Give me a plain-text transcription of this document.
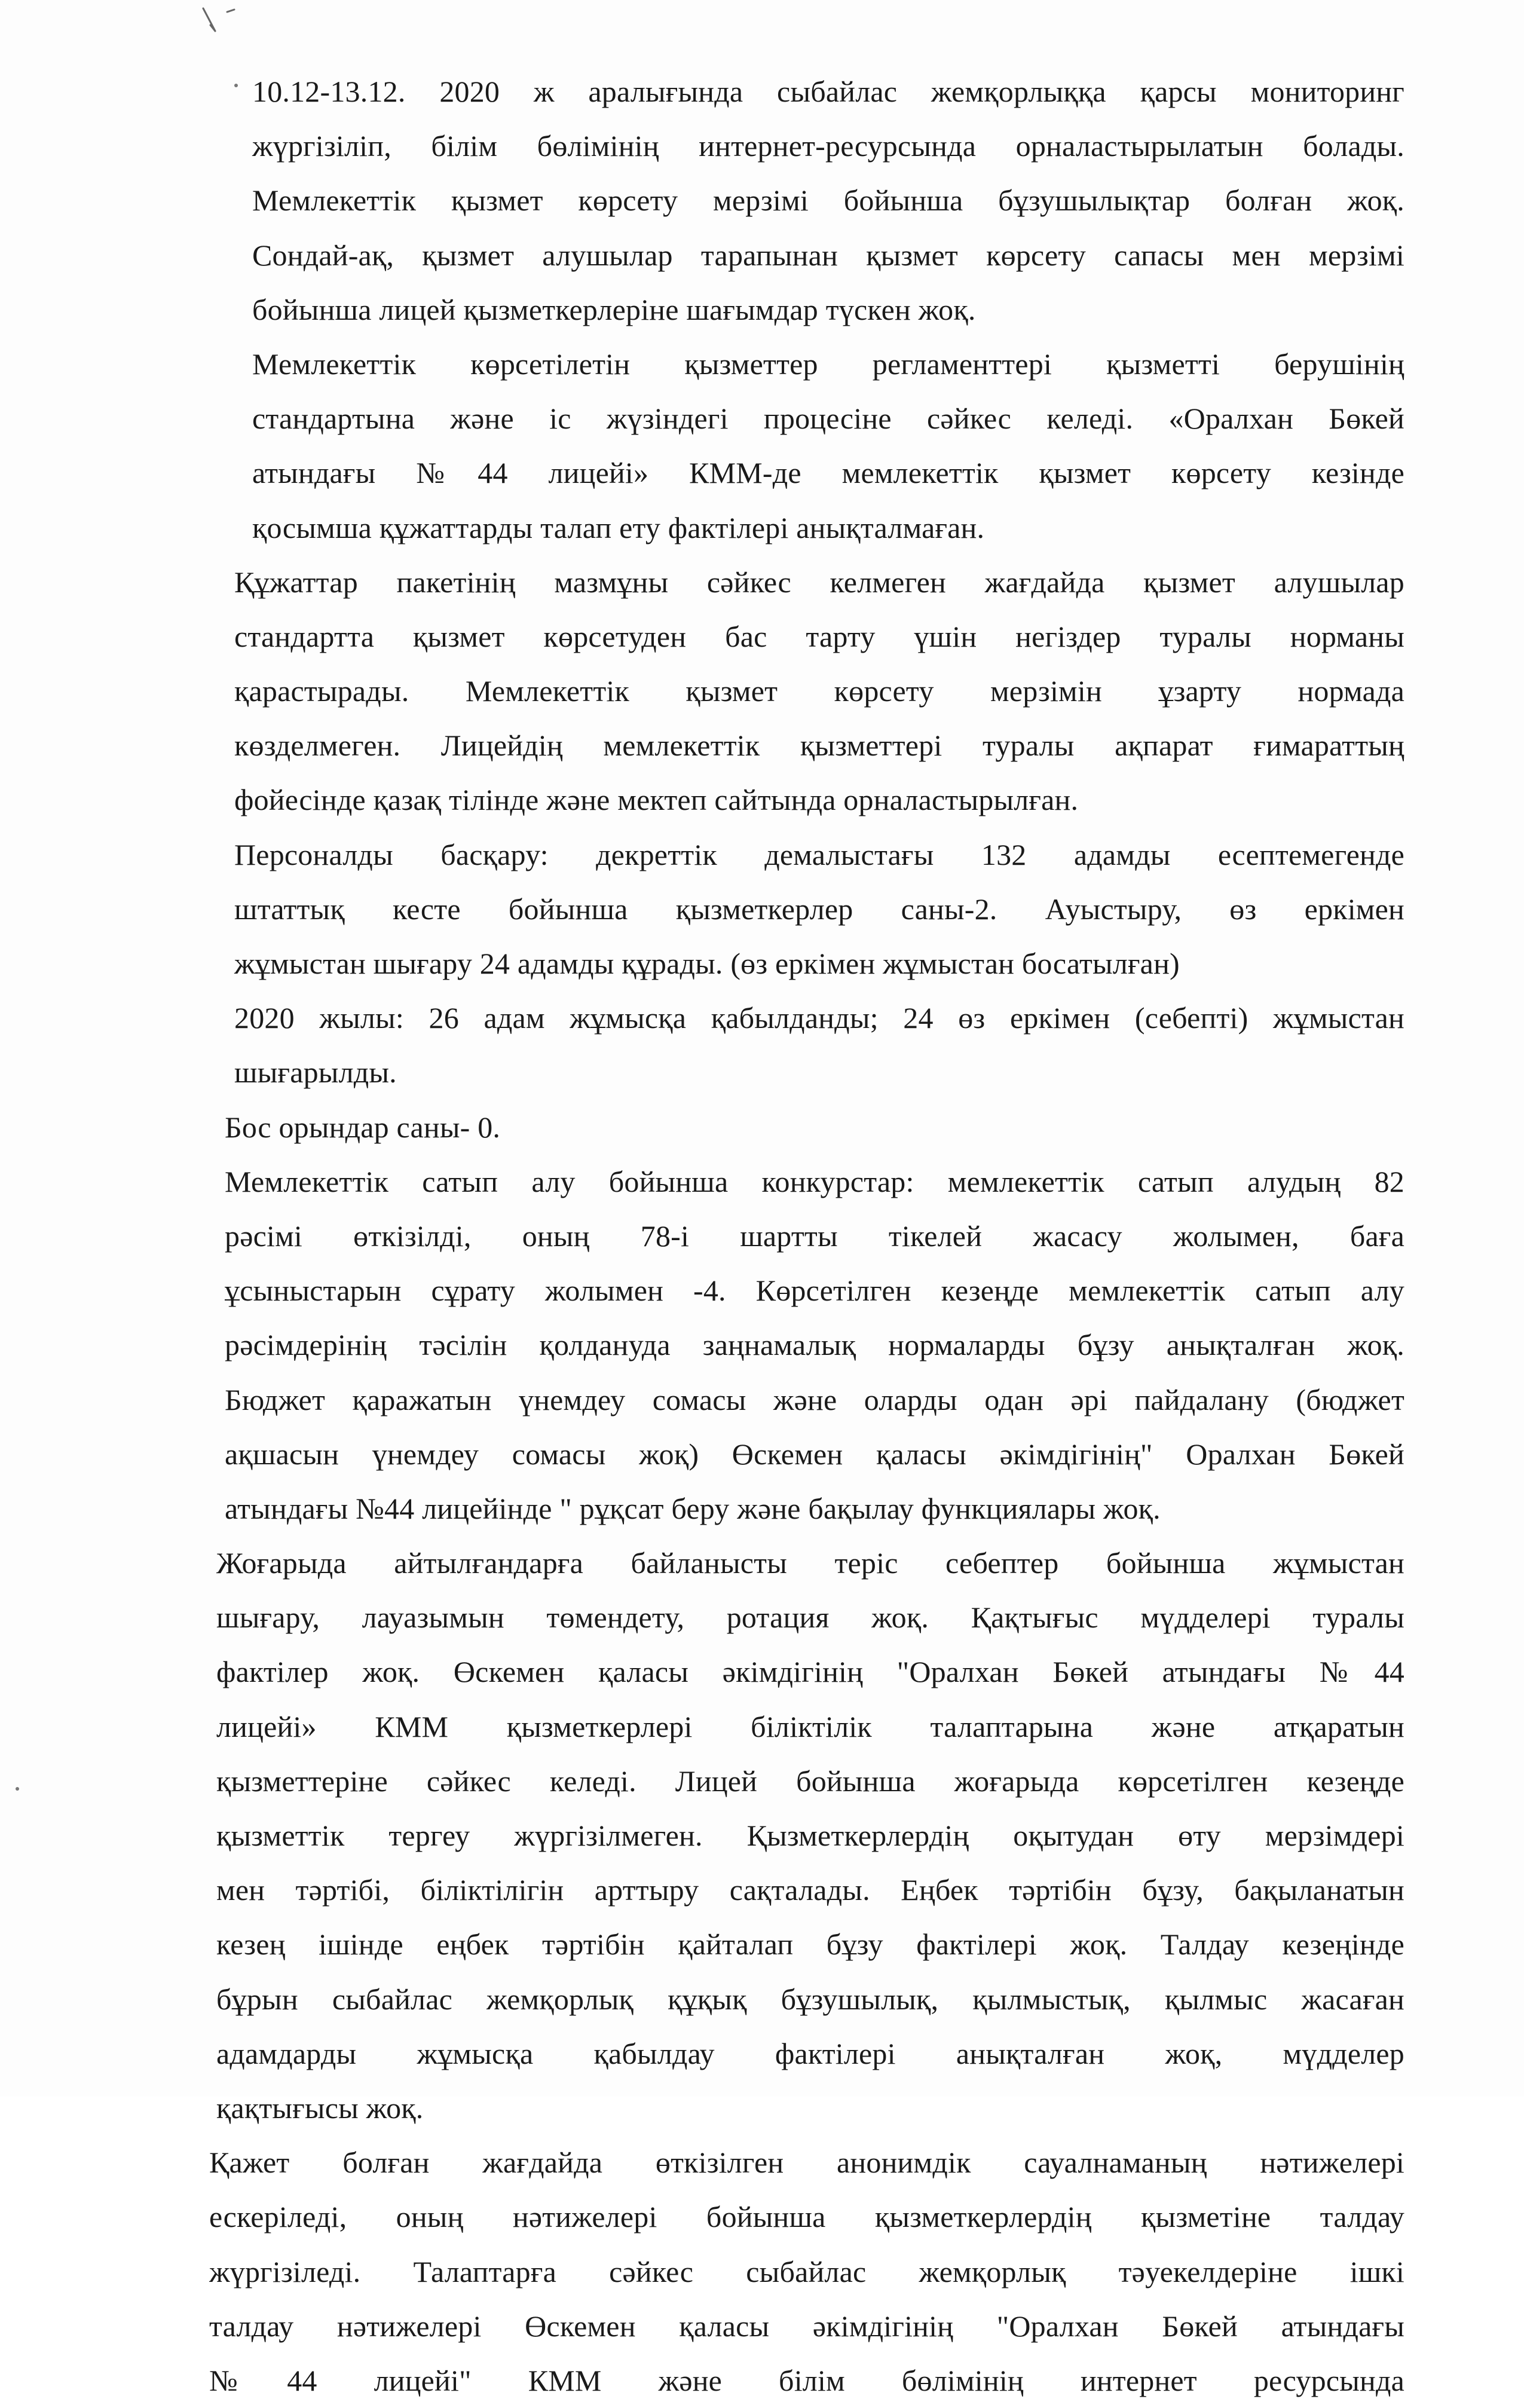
10.12-13.12. 2020 ж аралығында сыбайлас жемқорлыққа қарсы мониторинг
жүргізіліп, білім бөлімінің интернет-ресурсында орналастырылатын болады.
Мемлекеттік қызмет көрсету мерзімі бойынша бұзушылықтар болған жоқ.
Сондай-ақ, қызмет алушылар тарапынан қызмет көрсету сапасы мен мерзімі
бойынша лицей қызметкерлеріне шағымдар түскен жоқ.
Мемлекеттік көрсетілетін қызметтер регламенттері қызметті берушінің
стандартына және іс жүзіндегі процесіне сәйкес келеді. «Оралхан Бөкей
атындағы №44 лицейі» КММ-де мемлекеттік қызмет көрсету кезінде
қосымша құжаттарды талап ету фактілері анықталмаған.
Құжаттар пакетінің мазмұны сәйкес келмеген жағдайда қызмет алушылар
стандартта қызмет көрсетуден бас тарту үшін негіздер туралы норманы
қарастырады. Мемлекеттік қызмет көрсету мерзімін ұзарту нормада
көзделмеген. Лицейдің мемлекеттік қызметтері туралы ақпарат ғимараттың
фойесінде қазақ тілінде және мектеп сайтында орналастырылған.
Персоналды басқару: декреттік демалыстағы 132 адамды есептемегенде
штаттық кесте бойынша қызметкерлер саны-2. Ауыстыру, өз еркімен
жұмыстан шығару 24 адамды құрады. (өз еркімен жұмыстан босатылған)
2020 жылы: 26 адам жұмысқа қабылданды; 24 өз еркімен (себепті) жұмыстан
шығарылды.
Бос орындар саны- 0.
Мемлекеттік сатып алу бойынша конкурстар: мемлекеттік сатып алудың 82
рәсімі өткізілді, оның 78-і шартты тікелей жасасу жолымен, баға
ұсыныстарын сұрату жолымен -4. Көрсетілген кезеңде мемлекеттік сатып алу
рәсімдерінің тәсілін қолдануда заңнамалық нормаларды бұзу анықталған жоқ.
Бюджет қаражатын үнемдеу сомасы және оларды одан әрі пайдалану (бюджет
ақшасын үнемдеу сомасы жоқ) Өскемен қаласы әкімдігінің" Оралхан Бөкей
атындағы №44 лицейінде " рұқсат беру және бақылау функциялары жоқ.
Жоғарыда айтылғандарға байланысты теріс себептер бойынша жұмыстан
шығару, лауазымын төмендету, ротация жоқ. Қақтығыс мүдделері туралы
фактілер жоқ. Өскемен қаласы әкімдігінің "Оралхан Бөкей атындағы №44
лицейі» КММ қызметкерлері біліктілік талаптарына және атқаратын
қызметтеріне сәйкес келеді. Лицей бойынша жоғарыда көрсетілген кезеңде
қызметтік тергеу жүргізілмеген. Қызметкерлердің оқытудан өту мерзімдері
мен тәртібі, біліктілігін арттыру сақталады. Еңбек тәртібін бұзу, бақыланатын
кезең ішінде еңбек тәртібін қайталап бұзу фактілері жоқ. Талдау кезеңінде
бұрын сыбайлас жемқорлық құқық бұзушылық, қылмыстық, қылмыс жасаған
адамдарды жұмысқа қабылдау фактілері анықталған жоқ, мүдделер
қақтығысы жоқ.
Қажет болған жағдайда өткізілген анонимдік сауалнаманың нәтижелері
ескеріледі, оның нәтижелері бойынша қызметкерлердің қызметіне талдау
жүргізіледі. Талаптарға сәйкес сыбайлас жемқорлық тәуекелдеріне ішкі
талдау нәтижелері Өскемен қаласы әкімдігінің "Оралхан Бөкей атындағы
№44 лицейі" КММ және білім бөлімінің интернет ресурсында
